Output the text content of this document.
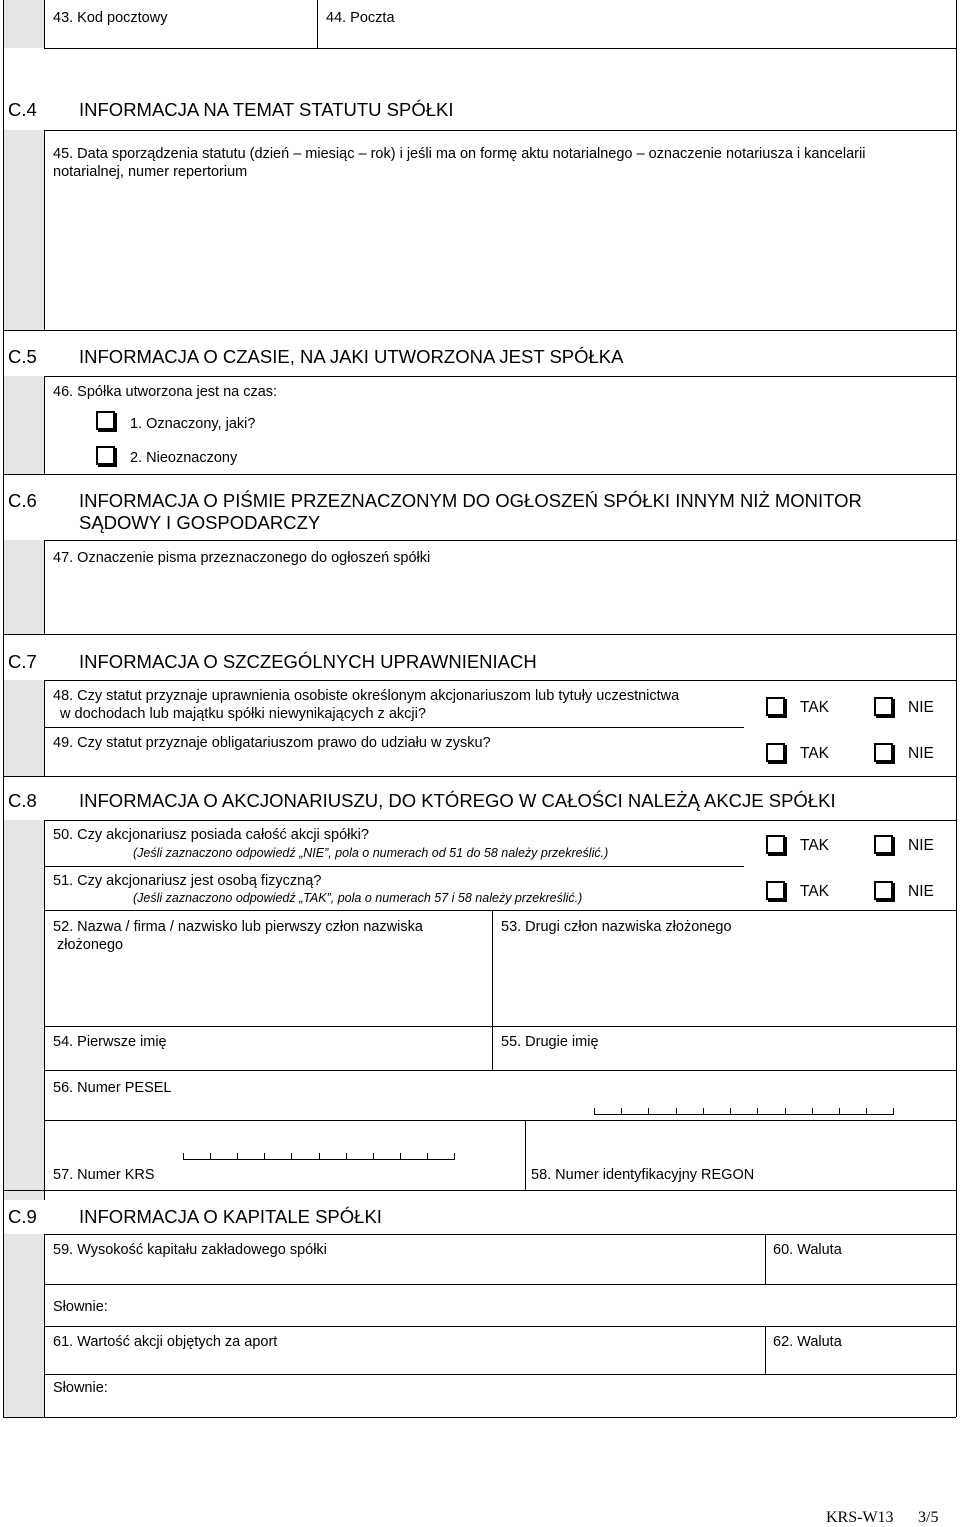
43. Kod pocztowy	44. Poczta
C.4 INFORMACJA NA TEMAT STATUTU SPÓŁKI
45. Data sporządzenia statutu (dzień – miesiąc – rok) i jeśli ma on formę aktu notarialnego – oznaczenie notariusza i kancelarii
notarialnej, numer repertorium
C.5 INFORMACJA O CZASIE, NA JAKI UTWORZONA JEST SPÓŁKA
46. Spółka utworzona jest na czas:
1. Oznaczony, jaki?
2. Nieoznaczony
C.6 INFORMACJA O PIŚMIE PRZEZNACZONYM DO OGŁOSZEŃ SPÓŁKI INNYM NIŻ MONITOR
SĄDOWY I GOSPODARCZY
47. Oznaczenie pisma przeznaczonego do ogłoszeń spółki
C.7 INFORMACJA O SZCZEGÓLNYCH UPRAWNIENIACH
48. Czy statut przyznaje uprawnienia osobiste określonym akcjonariuszom lub tytuły uczestnictwa
w dochodach lub majątku spółki niewynikających z akcji?	TAK	NIE
49. Czy statut przyznaje obligatariuszom prawo do udziału w zysku?
TAK	NIE
C.8 INFORMACJA O AKCJONARIUSZU, DO KTÓREGO W CAŁOŚCI NALEŻĄ AKCJE SPÓŁKI
50. Czy akcjonariusz posiada całość akcji spółki?
(Jeśli zaznaczono odpowiedź „NIE”, pola o numerach od 51 do 58 należy przekreślić.)	TAK	NIE
51. Czy akcjonariusz jest osobą fizyczną?
(Jeśli zaznaczono odpowiedź „TAK”, pola o numerach 57 i 58 należy przekreślić.)	TAK	NIE
52. Nazwa / firma / nazwisko lub pierwszy człon nazwiska
złożonego
53. Drugi człon nazwiska złożonego
54. Pierwsze imię	55. Drugie imię
56. Numer PESEL
57. Numer KRS	58. Numer identyfikacyjny REGON
C.9 INFORMACJA O KAPITALE SPÓŁKI
59. Wysokość kapitału zakładowego spółki	60. Waluta
Słownie:
61. Wartość akcji objętych za aport	62. Waluta
Słownie:
KRS-W13 3/5
